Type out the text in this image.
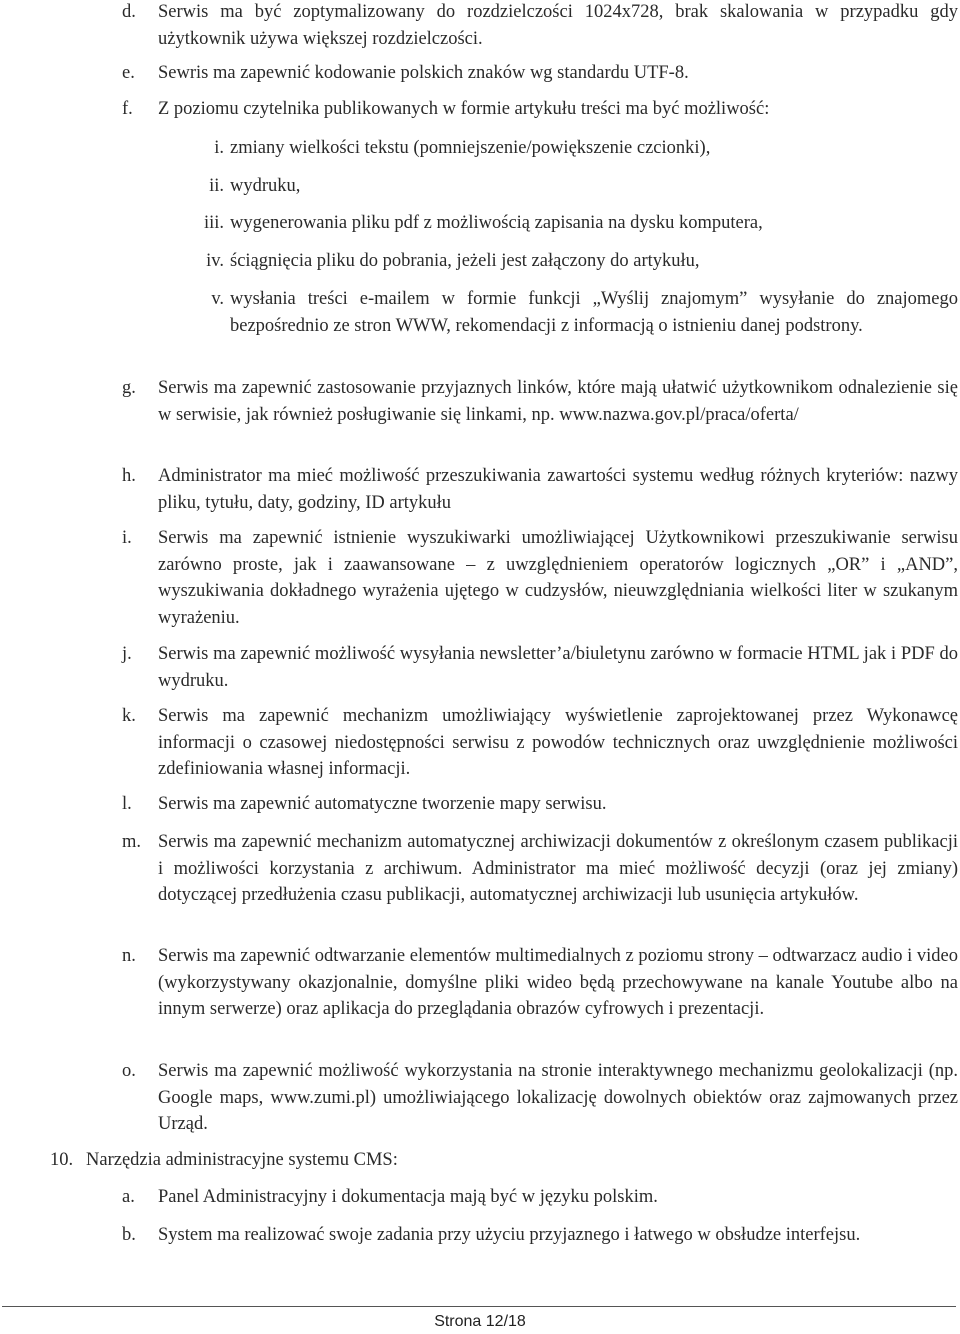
d. Serwis ma być zoptymalizowany do rozdzielczości 1024x728, brak skalowania w przypadku gdy użytkownik używa większej rozdzielczości.
e. Sewris ma zapewnić kodowanie polskich znaków wg standardu UTF-8.
f. Z poziomu czytelnika publikowanych w formie artykułu treści ma być możliwość:
i. zmiany wielkości tekstu (pomniejszenie/powiększenie czcionki),
ii. wydruku,
iii. wygenerowania pliku pdf z możliwością zapisania na dysku komputera,
iv. ściągnięcia pliku do pobrania, jeżeli jest załączony do artykułu,
v. wysłania treści e-mailem w formie funkcji „Wyślij znajomym” wysyłanie do znajomego bezpośrednio ze stron WWW, rekomendacji z informacją o istnieniu danej podstrony.
g. Serwis ma zapewnić zastosowanie przyjaznych linków, które mają ułatwić użytkownikom odnalezienie się w serwisie, jak również posługiwanie się linkami, np. www.nazwa.gov.pl/praca/oferta/
h. Administrator ma mieć możliwość przeszukiwania zawartości systemu według różnych kryteriów: nazwy pliku, tytułu, daty, godziny, ID artykułu
i. Serwis ma zapewnić istnienie wyszukiwarki umożliwiającej Użytkownikowi przeszukiwanie serwisu zarówno proste, jak i zaawansowane – z uwzględnieniem operatorów logicznych „OR” i „AND”, wyszukiwania dokładnego wyrażenia ujętego w cudzysłów, nieuwzględniania wielkości liter w szukanym wyrażeniu.
j. Serwis ma zapewnić możliwość wysyłania newsletter’a/biuletynu zarówno w formacie HTML jak i PDF do wydruku.
k. Serwis ma zapewnić mechanizm umożliwiający wyświetlenie zaprojektowanej przez Wykonawcę informacji o czasowej niedostępności serwisu z powodów technicznych oraz uwzględnienie możliwości zdefiniowania własnej informacji.
l. Serwis ma zapewnić automatyczne tworzenie mapy serwisu.
m. Serwis ma zapewnić mechanizm automatycznej archiwizacji dokumentów z określonym czasem publikacji i możliwości korzystania z archiwum. Administrator ma mieć możliwość decyzji (oraz jej zmiany) dotyczącej przedłużenia czasu publikacji, automatycznej archiwizacji lub usunięcia artykułów.
n. Serwis ma zapewnić odtwarzanie elementów multimedialnych z poziomu strony – odtwarzacz audio i video (wykorzystywany okazjonalnie, domyślne pliki wideo będą przechowywane na kanale Youtube albo na innym serwerze) oraz aplikacja do przeglądania obrazów cyfrowych i prezentacji.
o. Serwis ma zapewnić możliwość wykorzystania na stronie interaktywnego mechanizmu geolokalizacji (np. Google maps, www.zumi.pl) umożliwiającego lokalizację dowolnych obiektów oraz zajmowanych przez Urząd.
10. Narzędzia administracyjne systemu CMS:
a. Panel Administracyjny i dokumentacja mają być w języku polskim.
b. System ma realizować swoje zadania przy użyciu przyjaznego i łatwego w obsłudze interfejsu.
Strona 12/18
